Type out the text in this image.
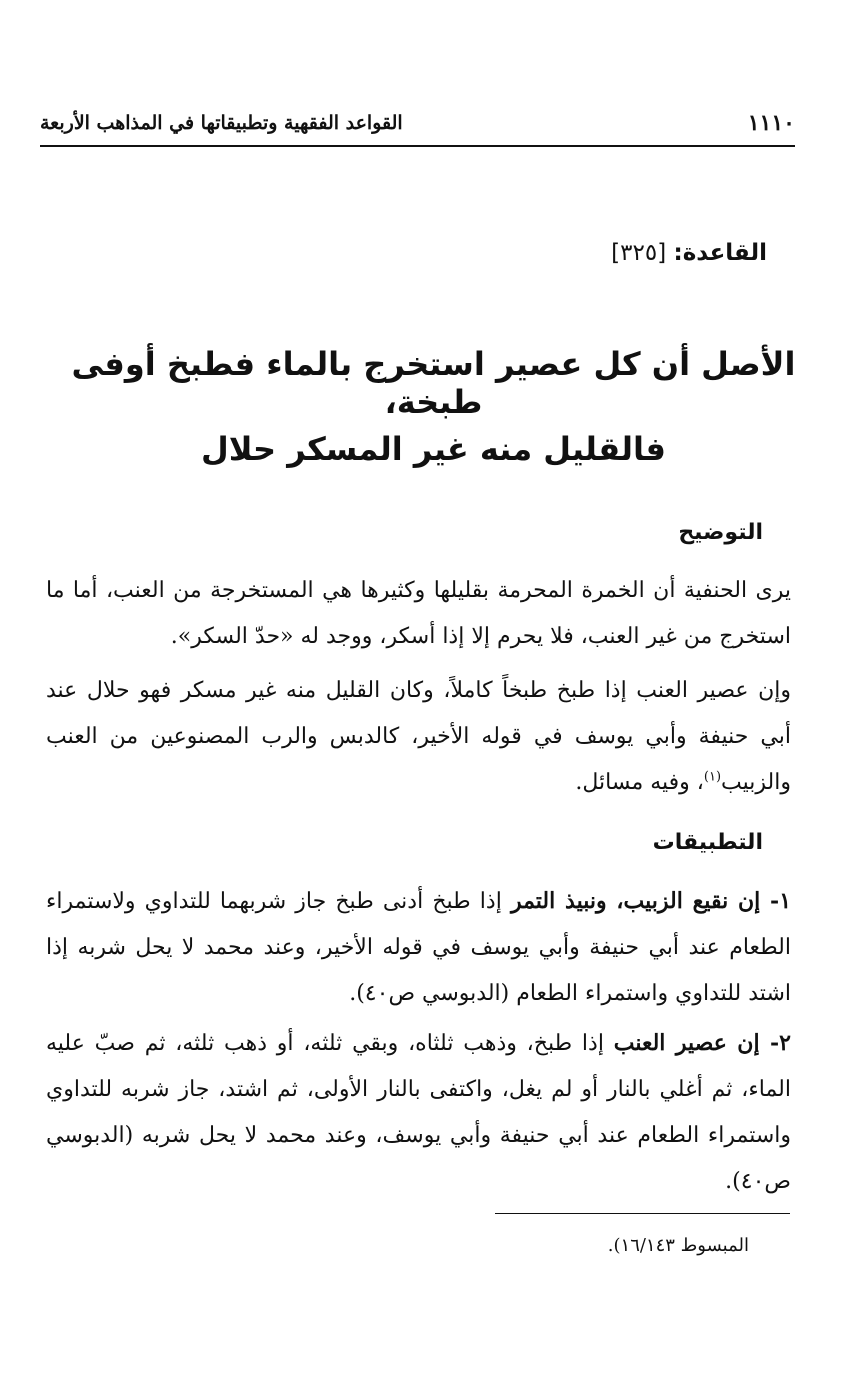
١١١٠
القواعد الفقهية وتطبيقاتها في المذاهب الأربعة
القاعدة: [٣٢٥]
الأصل أن كل عصير استخرج بالماء فطبخ أوفى طبخة،
فالقليل منه غير المسكر حلال
التوضيح
يرى الحنفية أن الخمرة المحرمة بقليلها وكثيرها هي المستخرجة من العنب، أما ما استخرج من غير العنب، فلا يحرم إلا إذا أسكر، ووجد له «حدّ السكر».
وإن عصير العنب إذا طبخ طبخاً كاملاً، وكان القليل منه غير مسكر فهو حلال عند أبي حنيفة وأبي يوسف في قوله الأخير، كالدبس والرب المصنوعين من العنب والزبيب$^{(١)}$، وفيه مسائل.
التطبيقات
١- إن نقيع الزبيب، ونبيذ التمر إذا طبخ أدنى طبخ جاز شربهما للتداوي ولاستمراء الطعام عند أبي حنيفة وأبي يوسف في قوله الأخير، وعند محمد لا يحل شربه إذا اشتد للتداوي واستمراء الطعام (الدبوسي ص٤٠).
٢- إن عصير العنب إذا طبخ، وذهب ثلثاه، وبقي ثلثه، أو ذهب ثلثه، ثم صبّ عليه الماء، ثم أغلي بالنار أو لم يغل، واكتفى بالنار الأولى، ثم اشتد، جاز شربه للتداوي واستمراء الطعام عند أبي حنيفة وأبي يوسف، وعند محمد لا يحل شربه (الدبوسي ص٤٠).
المبسوط ١٦/١٤٣).
